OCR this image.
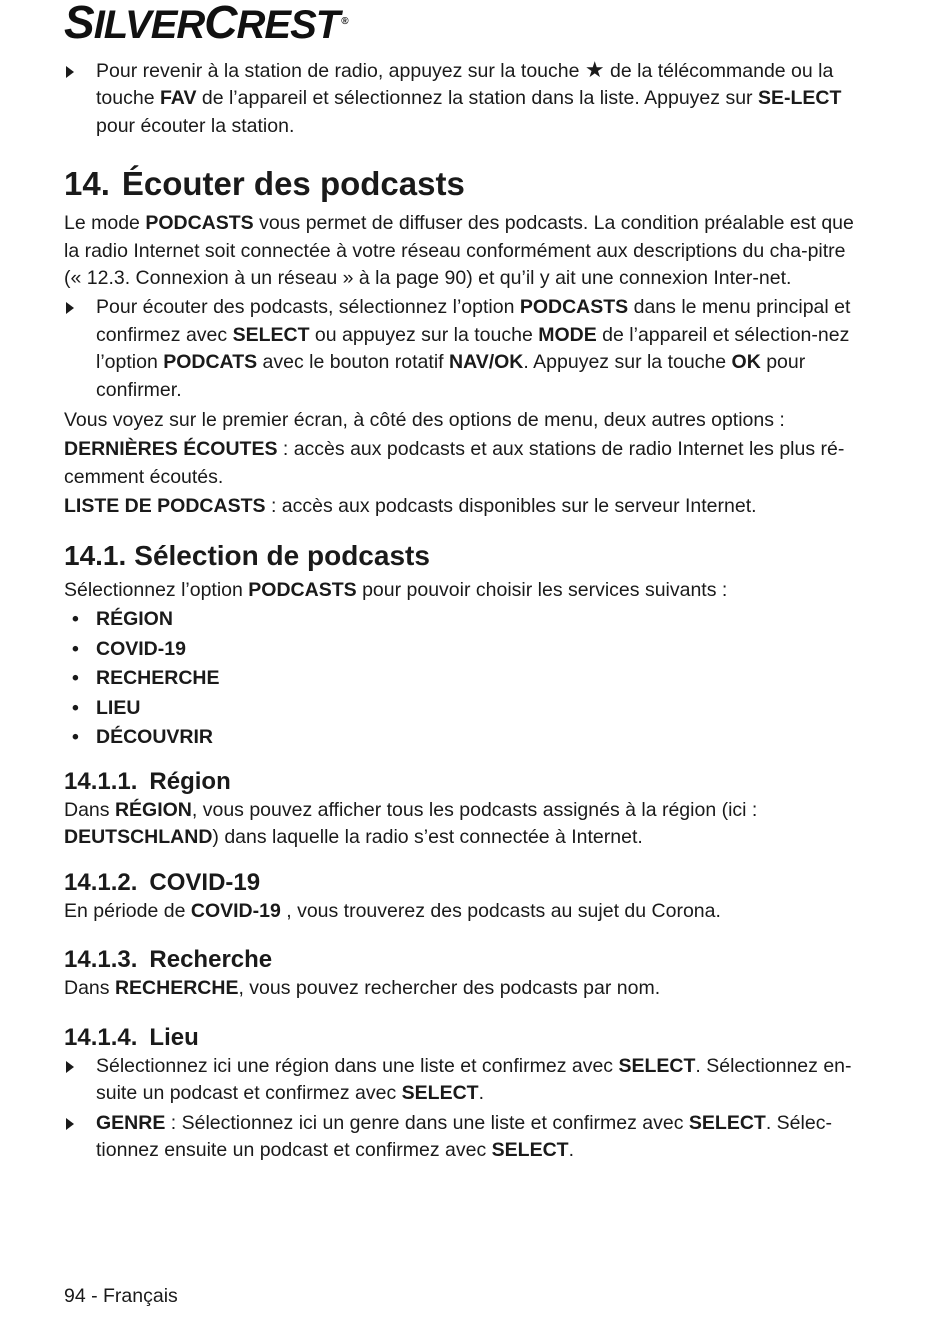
SILVERCREST ®
Pour revenir à la station de radio, appuyez sur la touche ★ de la télécommande ou la touche FAV de l’appareil et sélectionnez la station dans la liste. Appuyez sur SE-LECT pour écouter la station.
14. Écouter des podcasts

Le mode PODCASTS vous permet de diffuser des podcasts. La condition préalable est que la radio Internet soit connectée à votre réseau conformément aux descriptions du cha-pitre (« 12.3. Connexion à un réseau » à la page 90) et qu’il y ait une connexion Inter-net.

Pour écouter des podcasts, sélectionnez l’option PODCASTS dans le menu principal et confirmez avec SELECT ou appuyez sur la touche MODE de l’appareil et sélection-nez l’option PODCATS avec le bouton rotatif NAV/OK. Appuyez sur la touche OK pour confirmer.

Vous voyez sur le premier écran, à côté des options de menu, deux autres options :

DERNIÈRES ÉCOUTES : accès aux podcasts et aux stations de radio Internet les plus ré-cemment écoutés.

LISTE DE PODCASTS : accès aux podcasts disponibles sur le serveur Internet.

14.1. Sélection de podcasts

Sélectionnez l’option PODCASTS pour pouvoir choisir les services suivants :

• RÉGION
• COVID-19
• RECHERCHE
• LIEU
• DÉCOUVRIR
14.1.1. Région

Dans RÉGION, vous pouvez afficher tous les podcasts assignés à la région (ici : DEUTSCHLAND) dans laquelle la radio s’est connectée à Internet.

14.1.2. COVID-19

En période de COVID-19 , vous trouverez des podcasts au sujet du Corona.

14.1.3. Recherche

Dans RECHERCHE, vous pouvez rechercher des podcasts par nom.

14.1.4. Lieu
Sélectionnez ici une région dans une liste et confirmez avec SELECT. Sélectionnez en-suite un podcast et confirmez avec SELECT.
GENRE : Sélectionnez ici un genre dans une liste et confirmez avec SELECT. Sélec-tionnez ensuite un podcast et confirmez avec SELECT.
94 - Français
